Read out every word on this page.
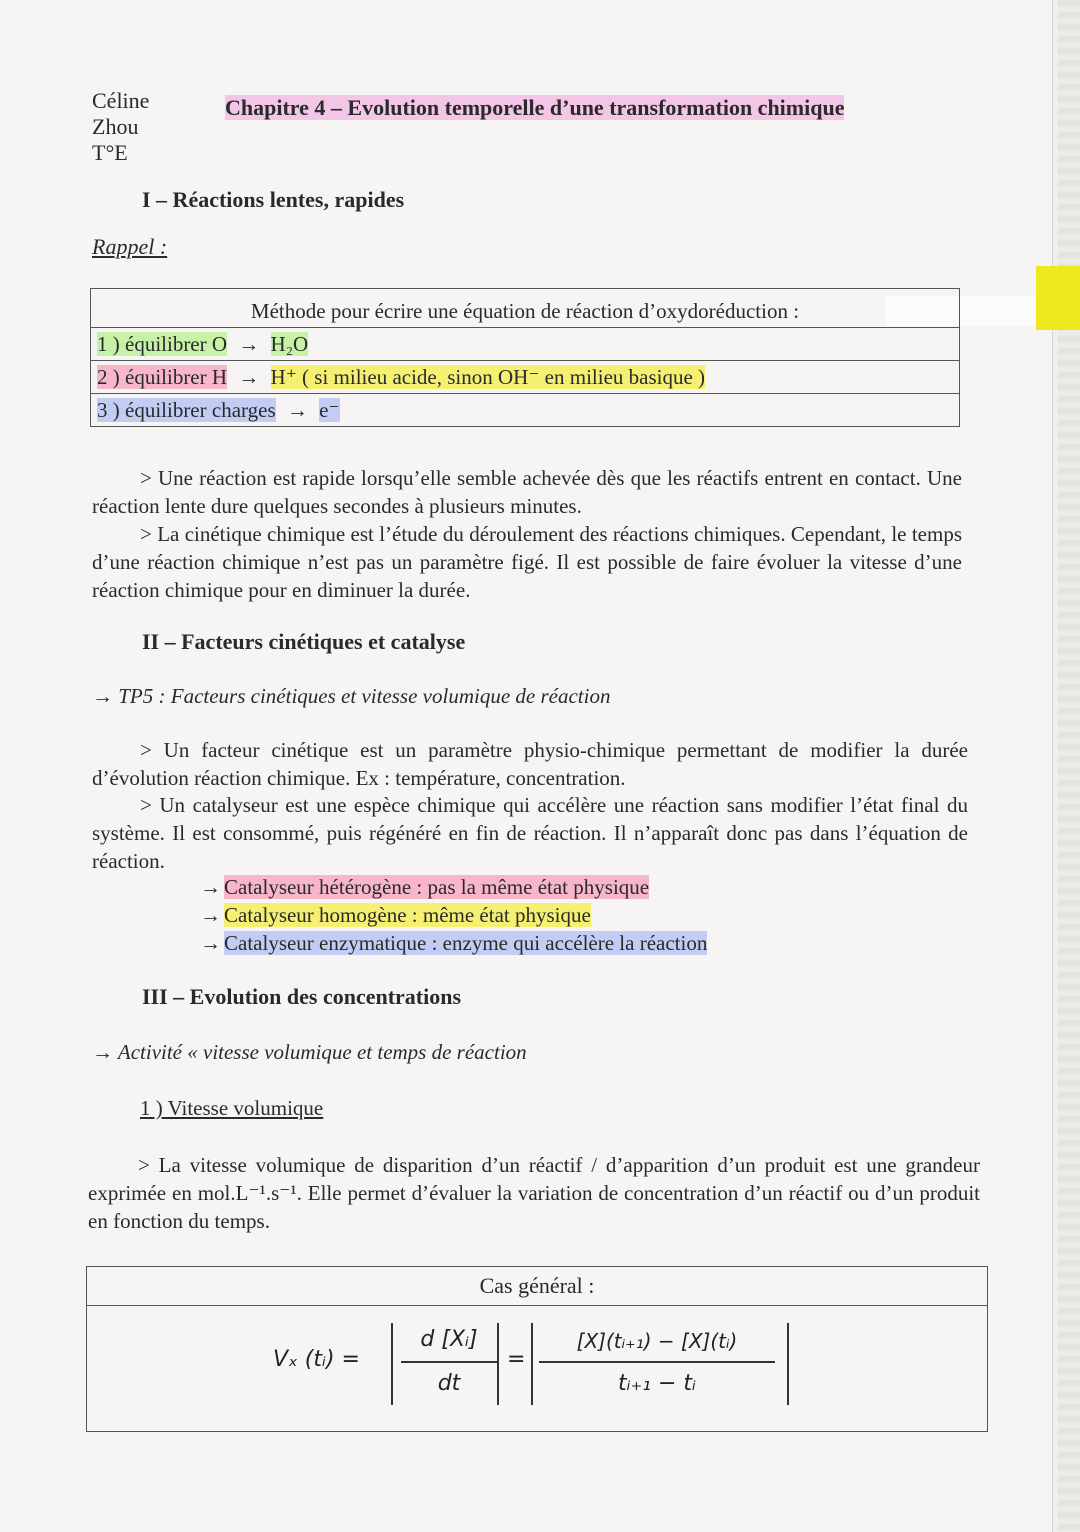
Céline
Zhou
T°E
Chapitre 4 – Evolution temporelle d’une transformation chimique
I – Réactions lentes, rapides
Rappel :
Méthode pour écrire une équation de réaction d’oxydoréduction :
1 ) équilibrer O → H₂O
2 ) équilibrer H → H⁺ ( si milieu acide, sinon OH⁻ en milieu basique )
3 ) équilibrer charges → e⁻
> Une réaction est rapide lorsqu’elle semble achevée dès que les réactifs entrent en contact. Une réaction lente dure quelques secondes à plusieurs minutes.
> La cinétique chimique est l’étude du déroulement des réactions chimiques. Cependant, le temps d’une réaction chimique n’est pas un paramètre figé. Il est possible de faire évoluer la vitesse d’une réaction chimique pour en diminuer la durée.
II – Facteurs cinétiques et catalyse
→ TP5 : Facteurs cinétiques et vitesse volumique de réaction
> Un facteur cinétique est un paramètre physio-chimique permettant de modifier la durée d’évolution réaction chimique. Ex : température, concentration.
> Un catalyseur est une espèce chimique qui accélère une réaction sans modifier l’état final du système. Il est consommé, puis régénéré en fin de réaction. Il n’apparaît donc pas dans l’équation de réaction.
→ Catalyseur hétérogène : pas la même état physique
→ Catalyseur homogène : même état physique
→ Catalyseur enzymatique : enzyme qui accélère la réaction
III – Evolution des concentrations
→ Activité « vitesse volumique et temps de réaction
1 ) Vitesse volumique
> La vitesse volumique de disparition d’un réactif / d’apparition d’un produit est une grandeur exprimée en mol.L⁻¹.s⁻¹. Elle permet d’évaluer la variation de concentration d’un réactif ou d’un produit en fonction du temps.
Cas général :
Vₓ (tᵢ) =
d [Xᵢ]
dt
=
[X](tᵢ₊₁) − [X](tᵢ)
tᵢ₊₁ − tᵢ
